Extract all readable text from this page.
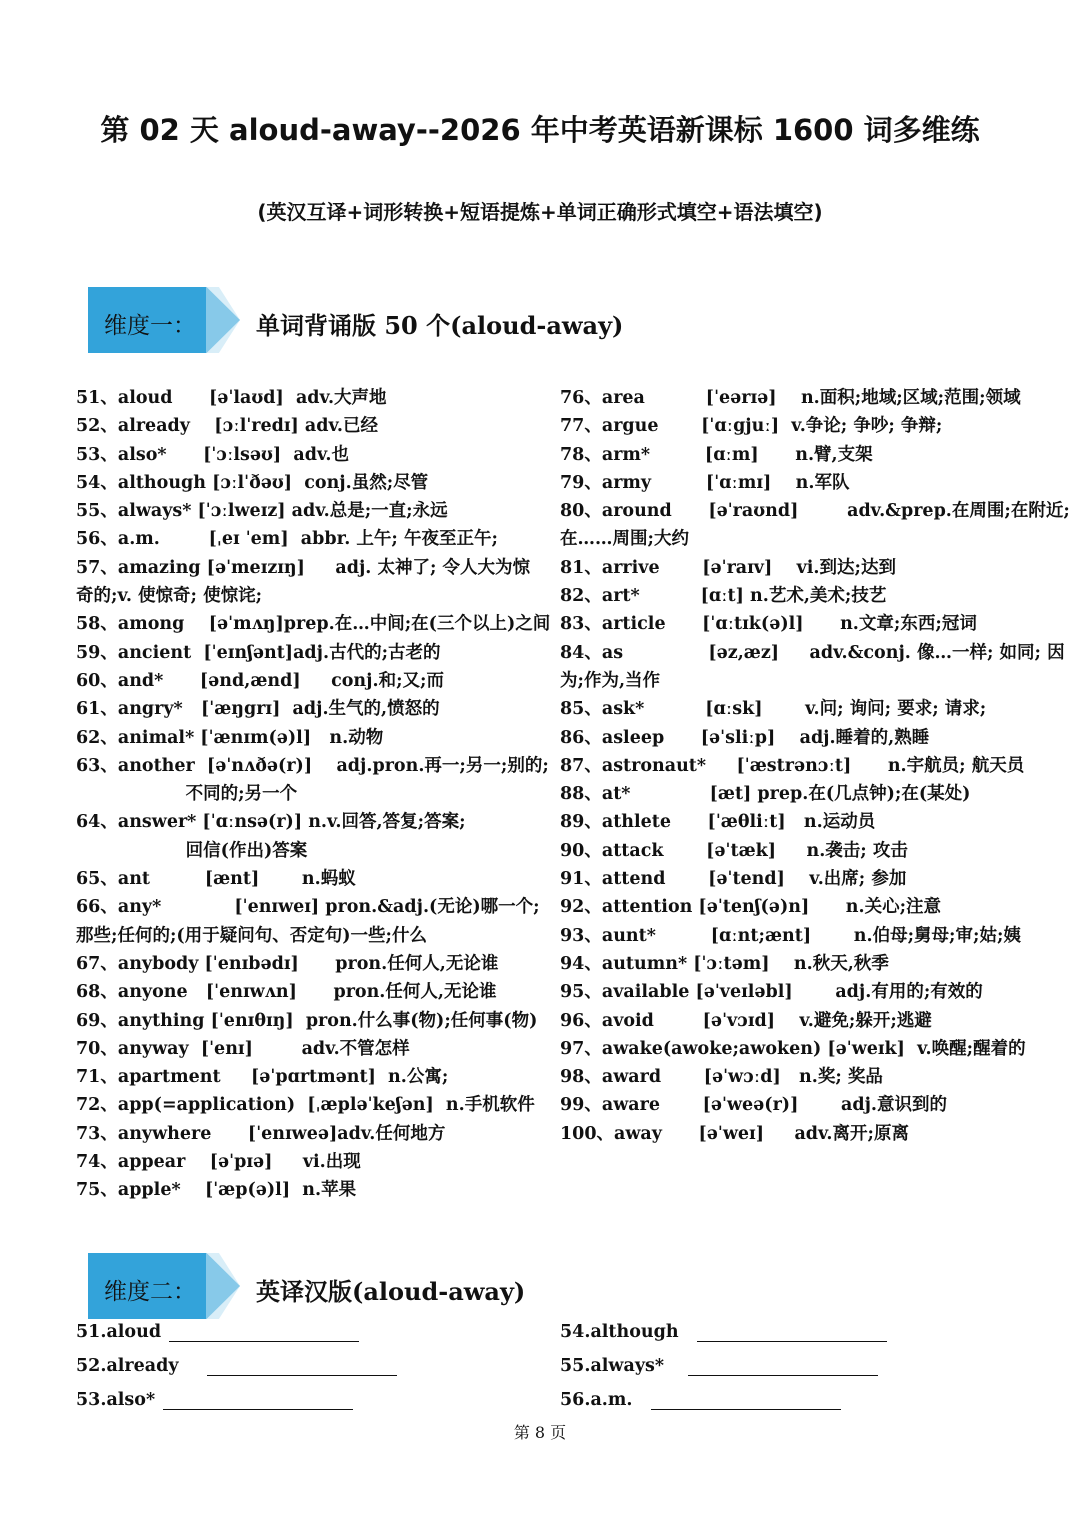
第 02 天 aloud-away--2026 年中考英语新课标 1600 词多维练
(英汉互译+词形转换+短语提炼+单词正确形式填空+语法填空)
维度一：	单词背诵版 50 个(aloud-away)
51、aloud      [əˈlaʊd]  adv.大声地
52、already    [ɔːlˈredɪ] adv.已经
53、also*      [ˈɔːlsəʊ]  adv.也
54、although [ɔːlˈðəʊ]  conj.虽然;尽管
55、always* [ˈɔːlweɪz] adv.总是;一直;永远
56、a.m.        [ˌeɪ ˈem]  abbr. 上午; 午夜至正午;
57、amazing [əˈmeɪzɪŋ]     adj. 太神了; 令人大为惊
奇的;v. 使惊奇; 使惊诧;
58、among    [əˈmʌŋ]prep.在…中间;在(三个以上)之间
59、ancient  [ˈeɪnʃənt]adj.古代的;古老的
60、and*      [ənd,ænd]     conj.和;又;而
61、angry*   [ˈæŋgrɪ]  adj.生气的,愤怒的
62、animal* [ˈænɪm(ə)l]   n.动物
63、another  [əˈnʌðə(r)]    adj.pron.再一;另一;别的;
不同的;另一个
64、answer* [ˈɑːnsə(r)] n.v.回答,答复;答案;
回信(作出)答案
65、ant         [ænt]       n.蚂蚁
66、any*            [ˈenɪweɪ] pron.&adj.(无论)哪一个;
那些;任何的;(用于疑问句、否定句)一些;什么
67、anybody [ˈenɪbədɪ]      pron.任何人,无论谁
68、anyone   [ˈenɪwʌn]      pron.任何人,无论谁
69、anything [ˈenɪθɪŋ]  pron.什么事(物);任何事(物)
70、anyway  [ˈenɪ]        adv.不管怎样
71、apartment     [əˈpɑrtmənt]  n.公寓;
72、app(=application)  [ˌæpləˈkeʃən]  n.手机软件
73、anywhere      [ˈenɪweə]adv.任何地方
74、appear    [əˈpɪə]     vi.出现
75、apple*    [ˈæp(ə)l]  n.苹果
76、area          [ˈeərɪə]    n.面积;地域;区域;范围;领域
77、argue       [ˈɑːgjuː]  v.争论; 争吵; 争辩;
78、arm*         [ɑːm]      n.臂,支架
79、army         [ˈɑːmɪ]    n.军队
80、around      [əˈraʊnd]        adv.&prep.在周围;在附近;
在……周围;大约
81、arrive       [əˈraɪv]    vi.到达;达到
82、art*          [ɑːt] n.艺术,美术;技艺
83、article      [ˈɑːtɪk(ə)l]      n.文章;东西;冠词
84、as              [əz,æz]     adv.&conj. 像…一样; 如同; 因
为;作为,当作
85、ask*          [ɑːsk]       v.问; 询问; 要求; 请求;
86、asleep      [əˈsliːp]    adj.睡着的,熟睡
87、astronaut*     [ˈæstrənɔːt]      n.宇航员; 航天员
88、at*             [æt] prep.在(几点钟);在(某处)
89、athlete      [ˈæθliːt]   n.运动员
90、attack       [əˈtæk]     n.袭击; 攻击
91、attend       [əˈtend]    v.出席; 参加
92、attention [əˈtenʃ(ə)n]      n.关心;注意
93、aunt*         [ɑːnt;ænt]       n.伯母;舅母;审;姑;姨
94、autumn* [ˈɔːtəm]    n.秋天,秋季
95、available [əˈveɪləbl]       adj.有用的;有效的
96、avoid        [əˈvɔɪd]    v.避免;躲开;逃避
97、awake(awoke;awoken) [əˈweɪk]  v.唤醒;醒着的
98、award       [əˈwɔːd]   n.奖; 奖品
99、aware       [əˈweə(r)]       adj.意识到的
100、away      [əˈweɪ]     adv.离开;原离
维度二：	英译汉版(aloud-away)
51.aloud
52.already
53.also*
54.although
55.always*
56.a.m.
第 8 页
